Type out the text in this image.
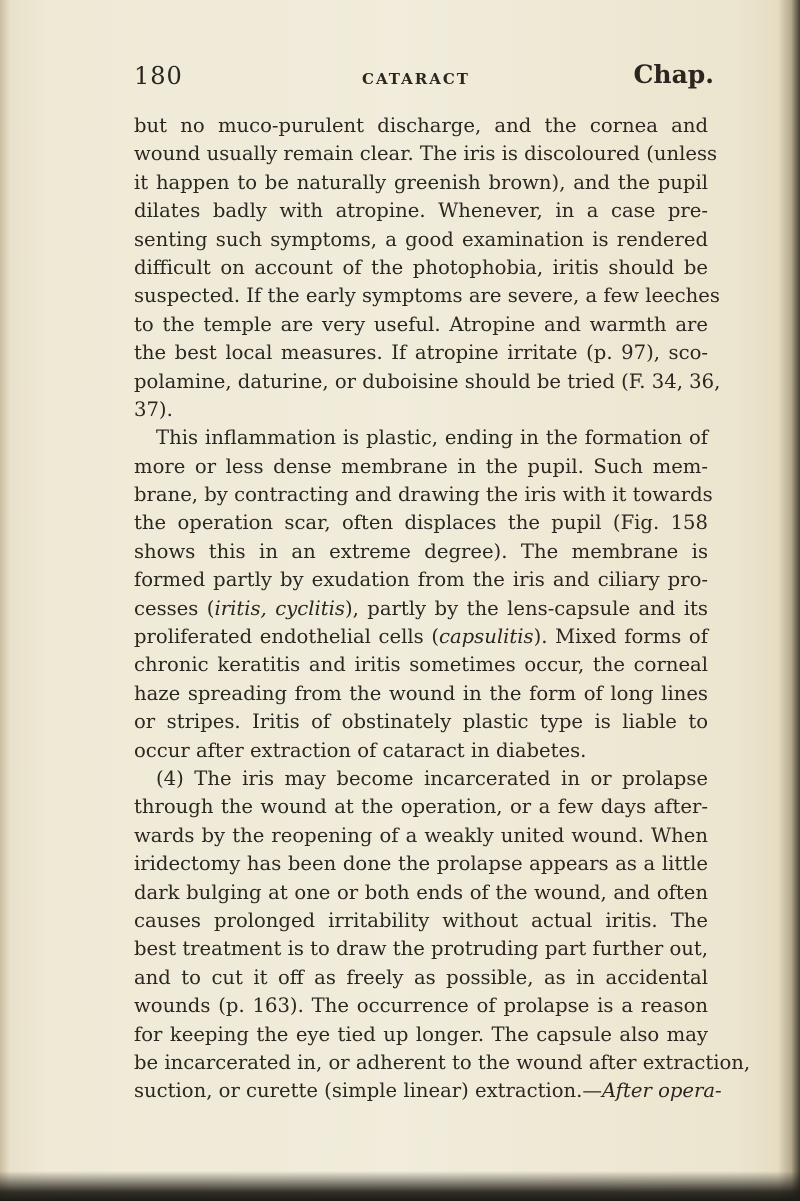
180	CATARACT	Chap.
but no muco-purulent discharge, and the cornea and
wound usually remain clear. The iris is discoloured (unless
it happen to be naturally greenish brown), and the pupil
dilates badly with atropine. Whenever, in a case pre-
senting such symptoms, a good examination is rendered
difficult on account of the photophobia, iritis should be
suspected. If the early symptoms are severe, a few leeches
to the temple are very useful. Atropine and warmth are
the best local measures. If atropine irritate (p. 97), sco-
polamine, daturine, or duboisine should be tried (F. 34, 36,
37).
This inflammation is plastic, ending in the formation of
more or less dense membrane in the pupil. Such mem-
brane, by contracting and drawing the iris with it towards
the operation scar, often displaces the pupil (Fig. 158
shows this in an extreme degree). The membrane is
formed partly by exudation from the iris and ciliary pro-
cesses (iritis, cyclitis), partly by the lens-capsule and its
proliferated endothelial cells (capsulitis). Mixed forms of
chronic keratitis and iritis sometimes occur, the corneal
haze spreading from the wound in the form of long lines
or stripes. Iritis of obstinately plastic type is liable to
occur after extraction of cataract in diabetes.
(4) The iris may become incarcerated in or prolapse
through the wound at the operation, or a few days after-
wards by the reopening of a weakly united wound. When
iridectomy has been done the prolapse appears as a little
dark bulging at one or both ends of the wound, and often
causes prolonged irritability without actual iritis. The
best treatment is to draw the protruding part further out,
and to cut it off as freely as possible, as in accidental
wounds (p. 163). The occurrence of prolapse is a reason
for keeping the eye tied up longer. The capsule also may
be incarcerated in, or adherent to the wound after extraction,
suction, or curette (simple linear) extraction.—After opera-
